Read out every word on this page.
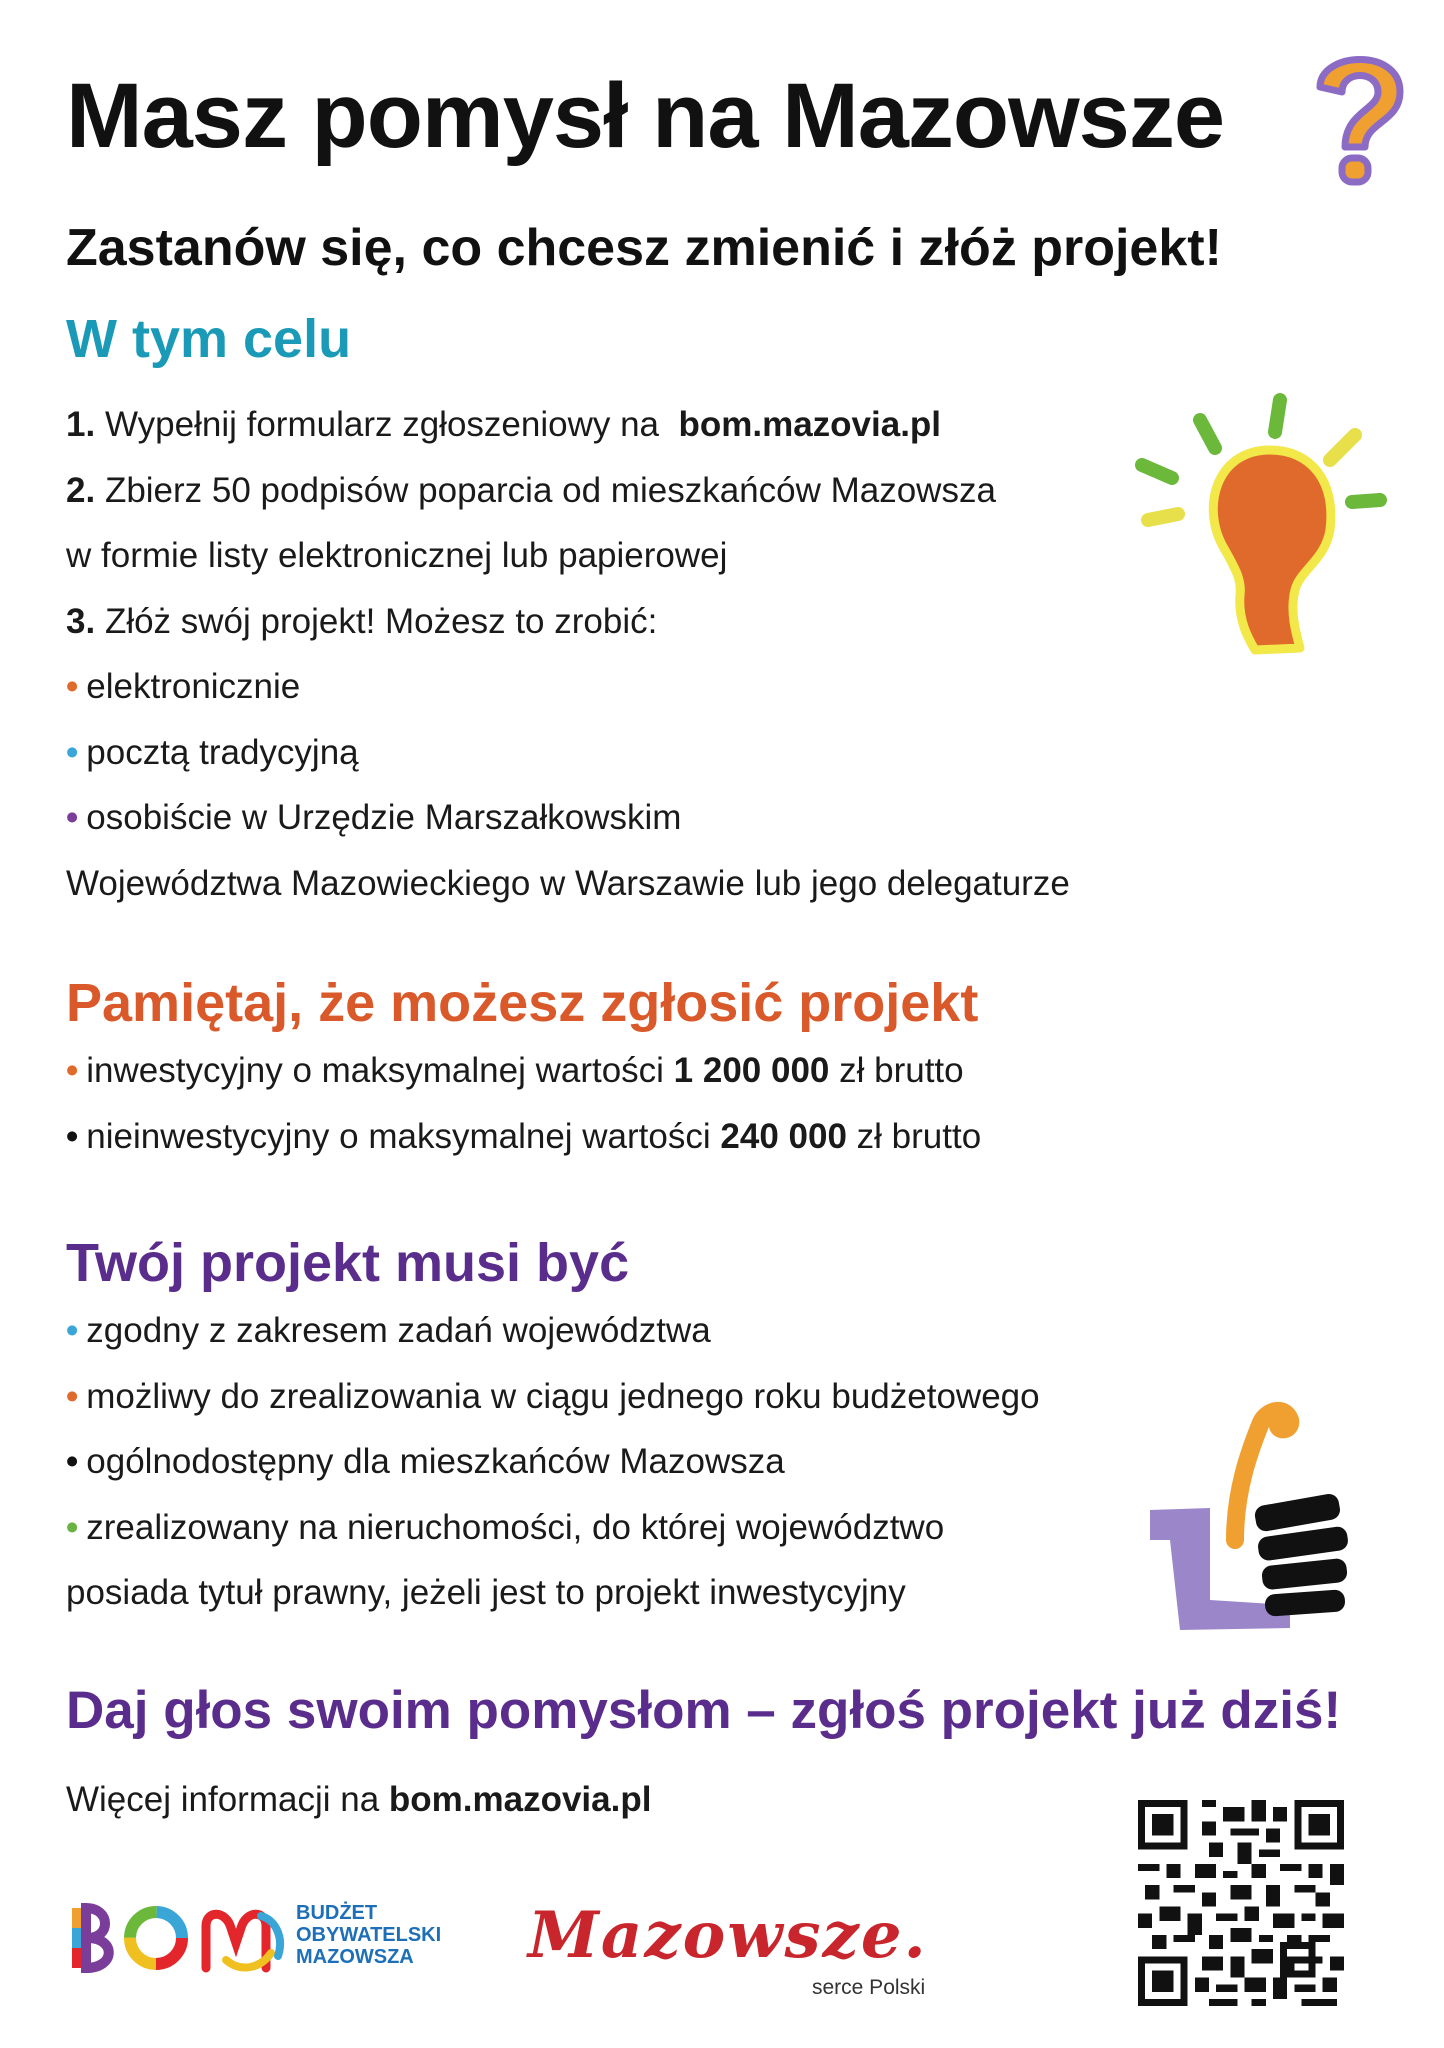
Masz pomysł na Mazowsze
Zastanów się, co chcesz zmienić i złóż projekt!
W tym celu
1. Wypełnij formularz zgłoszeniowy na bom.mazovia.pl
2. Zbierz 50 podpisów poparcia od mieszkańców Mazowsza
w formie listy elektronicznej lub papierowej
3. Złóż swój projekt! Możesz to zrobić:
• elektronicznie
• pocztą tradycyjną
• osobiście w Urzędzie Marszałkowskim
Województwa Mazowieckiego w Warszawie lub jego delegaturze
Pamiętaj, że możesz zgłosić projekt
• inwestycyjny o maksymalnej wartości 1 200 000 zł brutto
• nieinwestycyjny o maksymalnej wartości 240 000 zł brutto
Twój projekt musi być
• zgodny z zakresem zadań województwa
• możliwy do zrealizowania w ciągu jednego roku budżetowego
• ogólnodostępny dla mieszkańców Mazowsza
• zrealizowany na nieruchomości, do której województwo
posiada tytuł prawny, jeżeli jest to projekt inwestycyjny
Daj głos swoim pomysłom – zgłoś projekt już dziś!
Więcej informacji na bom.mazovia.pl
BUDŻET
OBYWATELSKI
MAZOWSZA	Mazowsze.
serce Polski
